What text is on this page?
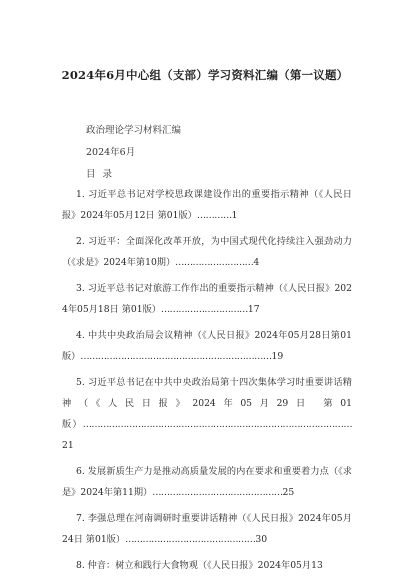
2024年6月中心组（支部）学习资料汇编（第一议题）
政治理论学习材料汇编
2024年6月
目 录
1. 习近平总书记对学校思政课建设作出的重要指示精神（《人民日报》2024年05月12日 第01版）…………1
2. 习近平：全面深化改革开放，为中国式现代化持续注入强劲动力（《求是》2024年第10期）………………………4
3. 习近平总书记对旅游工作作出的重要指示精神（《人民日报》2024年05月18日 第01版）…………………………17
4. 中共中央政治局会议精神（《人民日报》2024年05月28日第01版）…………………………………………………………19
5. 习近平总书记在中共中央政治局第十四次集体学习时重要讲话精神（《人民日报》2024年05月29日 第01版）…………………………………………………………………………………21
6. 发展新质生产力是推动高质量发展的内在要求和重要着力点（《求是》2024年第11期）………………………………………25
7. 李强总理在河南调研时重要讲话精神（《人民日报》2024年05月24日 第01版）………………………………………30
8. 仲音：树立和践行大食物观（《人民日报》2024年05月13
